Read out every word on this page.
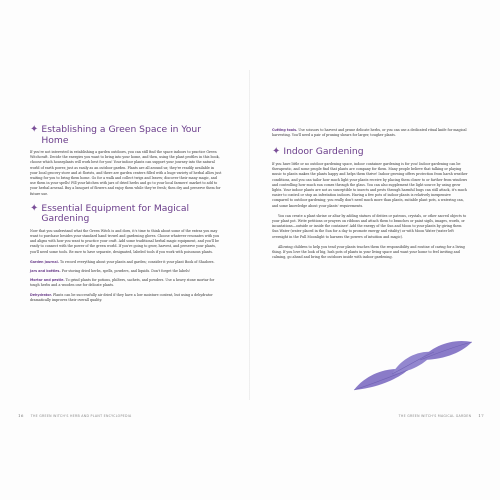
✦ Establishing a Green Space in Your Home

If you're not interested in establishing a garden outdoors, you can still find the space indoors to practice Green Witchcraft. Decide the energies you want to bring into your home, and then, using the plant profiles in this book, choose which houseplants will work best for you! Your indoor plants can support your journey into the natural world of earth power, just as easily as an outdoor garden. Plants are all around us; they're readily available in your local grocery store and at florists, and there are garden centers filled with a huge variety of herbal allies just waiting for you to bring them home. Go for a walk and collect twigs and leaves; discover their many magic, and use them in your spells! Fill your kitchen with jars of dried herbs and go to your local farmers' market to add to your herbal arsenal. Buy a bouquet of flowers and enjoy them while they're fresh; then dry and preserve them for future use.

✦ Essential Equipment for Magical Gardening

Now that you understand what the Green Witch is and does, it's time to think about some of the extras you may want to purchase besides your standard hand trowel and gardening gloves. Choose whatever resonates with you and aligns with how you want to practice your craft. Add some traditional herbal magic equipment, and you'll be ready to connect with the power of the green world. If you're going to grow, harvest, and preserve your plants, you'll need some tools. Be sure to have separate, designated, labeled tools if you work with poisonous plants.

Garden journal. To record everything about your plants and garden; consider it your plant Book of Shadows.

Jars and bottles. For storing dried herbs, spells, powders, and liquids. Don't forget the labels!

Mortar and pestle. To grind plants for potions, philters, sachets, and powders. Use a heavy stone mortar for tough herbs and a wooden one for delicate plants.

Dehydrator. Plants can be successfully air dried if they have a low moisture content, but using a dehydrator dramatically improves their overall quality.

16 THE GREEN WITCH'S HERB AND PLANT ENCYCLOPEDIA

Cutting tools. Use scissors to harvest and prune delicate herbs, or you can use a dedicated ritual knife for magical harvesting. You'll need a pair of pruning shears for larger, tougher plants.

✦ Indoor Gardening

If you have little or no outdoor gardening space, indoor container gardening is for you! Indoor gardening can be therapeutic, and some people find that plants are company for them. Many people believe that talking or playing music to plants makes the plants happy and helps them thrive! Indoor growing offers protection from harsh weather conditions, and you can tailor how much light your plants receive by placing them closer to or farther from windows and controlling how much sun comes through the glass. You can also supplement the light source by using grow lights. Your indoor plants are not as susceptible to insects and pests through harmful bugs can still attack, it's much easier to control or stop an infestation indoors. Having a few pots of indoor plants is relatively inexpensive compared to outdoor gardening; you really don't need much more than plants, suitable plant pots, a watering can, and some knowledge about your plants' requirements.

You can create a plant shrine or altar by adding statues of deities or patrons, crystals, or other sacred objects to your plant pot. Write petitions or prayers on ribbons and attach them to branches or paint sigils, images, words, or incantations—outside or inside the container! Add the energy of the Sun and Moon to your plants by giving them Sun Water (water placed in the Sun for a day to promote energy and vitality) or with Moon Water (water left overnight in the Full Moonlight to harness the powers of intuition and magic).

Allowing children to help you tend your plants teaches them the responsibility and routine of caring for a living thing. If you love the look of big, lush pots of plants in your living space and want your home to feel inviting and calming, go ahead and bring the outdoors inside with indoor gardening.

THE GREEN WITCH'S MAGICAL GARDEN 17
